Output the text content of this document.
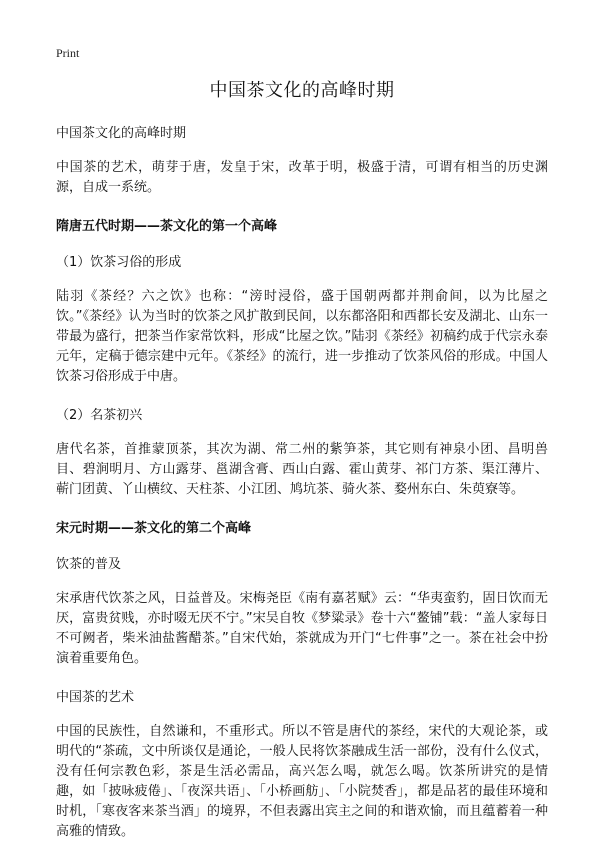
Print
中国茶文化的高峰时期
中国茶文化的高峰时期

中国茶的艺术，萌芽于唐，发皇于宋，改革于明，极盛于清，可谓有相当的历史渊源，自成一系统。

隋唐五代时期——茶文化的第一个高峰
（1）饮茶习俗的形成

陆羽《茶经？六之饮》也称：“滂时浸俗，盛于国朝两都并荆俞间，以为比屋之饮。”《茶经》认为当时的饮茶之风扩散到民间，以东都洛阳和西都长安及湖北、山东一带最为盛行，把茶当作家常饮料，形成“比屋之饮。”陆羽《茶经》初稿约成于代宗永泰元年，定稿于德宗建中元年。《茶经》的流行，进一步推动了饮茶风俗的形成。中国人饮茶习俗形成于中唐。

（2）名茶初兴

唐代名茶，首推蒙顶茶，其次为湖、常二州的紫笋茶，其它则有神泉小团、昌明兽目、碧涧明月、方山露芽、邕湖含膏、西山白露、霍山黄芽、祁门方茶、渠江薄片、蕲门团黄、丫山横纹、天柱茶、小江团、鸠坑茶、骑火茶、婺州东白、朱萸寮等。

宋元时期——茶文化的第二个高峰
饮茶的普及

宋承唐代饮茶之风，日益普及。宋梅尧臣《南有嘉茗赋》云：“华夷蛮豹，固日饮而无厌，富贵贫贱，亦时啜无厌不宁。”宋吴自牧《梦粱录》卷十六“鳌铺”载：“盖人家每日不可阙者，柴米油盐酱醋茶。”自宋代始，茶就成为开门“七件事”之一。茶在社会中扮演着重要角色。

中国茶的艺术

中国的民族性，自然谦和，不重形式。所以不管是唐代的茶经，宋代的大观论茶，或明代的“茶疏，文中所谈仅是通论，一般人民将饮茶融成生活一部份，没有什么仪式，没有任何宗教色彩，茶是生活必需品，高兴怎么喝，就怎么喝。饮茶所讲究的是情趣，如「披咏疲倦」、「夜深共语」、「小桥画舫」、「小院焚香」，都是品茗的最佳环境和时机，「寒夜客来茶当酒」的境界，不但表露出宾主之间的和谐欢愉，而且蕴蓄着一种高雅的情致。
